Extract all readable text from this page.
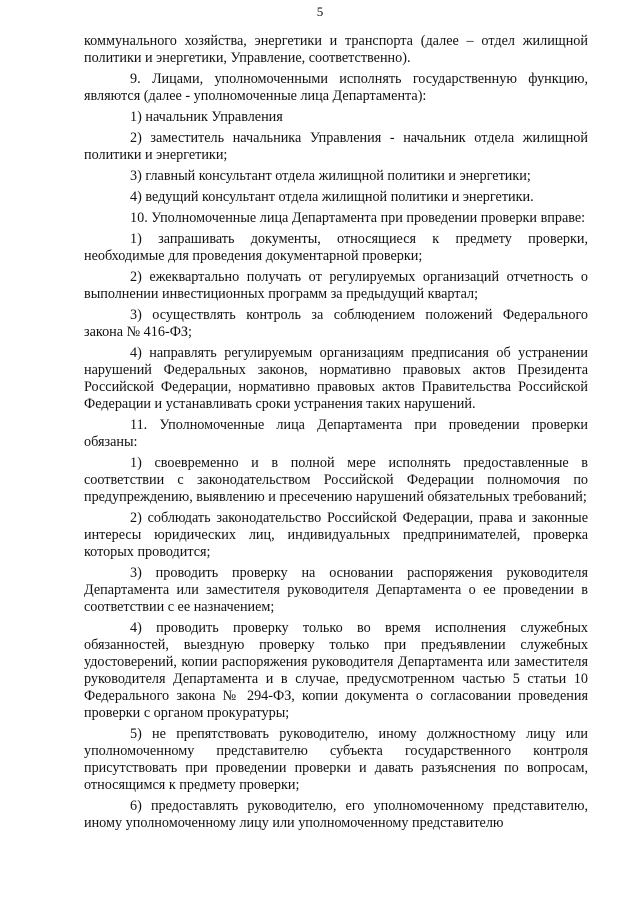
5

коммунального хозяйства, энергетики и транспорта (далее – отдел жилищной политики и энергетики, Управление, соответственно).

9. Лицами, уполномоченными исполнять государственную функцию, являются (далее - уполномоченные лица Департамента):

1) начальник Управления

2) заместитель начальника Управления - начальник отдела жилищной политики и энергетики;

3) главный консультант отдела жилищной политики и энергетики;

4) ведущий консультант отдела жилищной политики и энергетики.

10. Уполномоченные лица Департамента при проведении проверки вправе:

1) запрашивать документы, относящиеся к предмету проверки, необходимые для проведения документарной проверки;

2) ежеквартально получать от регулируемых организаций отчетность о выполнении инвестиционных программ за предыдущий квартал;

3) осуществлять контроль за соблюдением положений Федерального закона № 416-ФЗ;

4) направлять регулируемым организациям предписания об устранении нарушений Федеральных законов, нормативно правовых актов Президента Российской Федерации, нормативно правовых актов Правительства Российской Федерации и устанавливать сроки устранения таких нарушений.

11. Уполномоченные лица Департамента при проведении проверки обязаны:

1) своевременно и в полной мере исполнять предоставленные в соответствии с законодательством Российской Федерации полномочия по предупреждению, выявлению и пресечению нарушений обязательных требований;

2) соблюдать законодательство Российской Федерации, права и законные интересы юридических лиц, индивидуальных предпринимателей, проверка которых проводится;

3) проводить проверку на основании распоряжения руководителя Департамента или заместителя руководителя Департамента о ее проведении в соответствии с ее назначением;

4) проводить проверку только во время исполнения служебных обязанностей, выездную проверку только при предъявлении служебных удостоверений, копии распоряжения руководителя Департамента или заместителя руководителя Департамента и в случае, предусмотренном частью 5 статьи 10 Федерального закона № 294-ФЗ, копии документа о согласовании проведения проверки с органом прокуратуры;

5) не препятствовать руководителю, иному должностному лицу или уполномоченному представителю субъекта государственного контроля присутствовать при проведении проверки и давать разъяснения по вопросам, относящимся к предмету проверки;

6) предоставлять руководителю, его уполномоченному представителю, иному уполномоченному лицу или уполномоченному представителю
